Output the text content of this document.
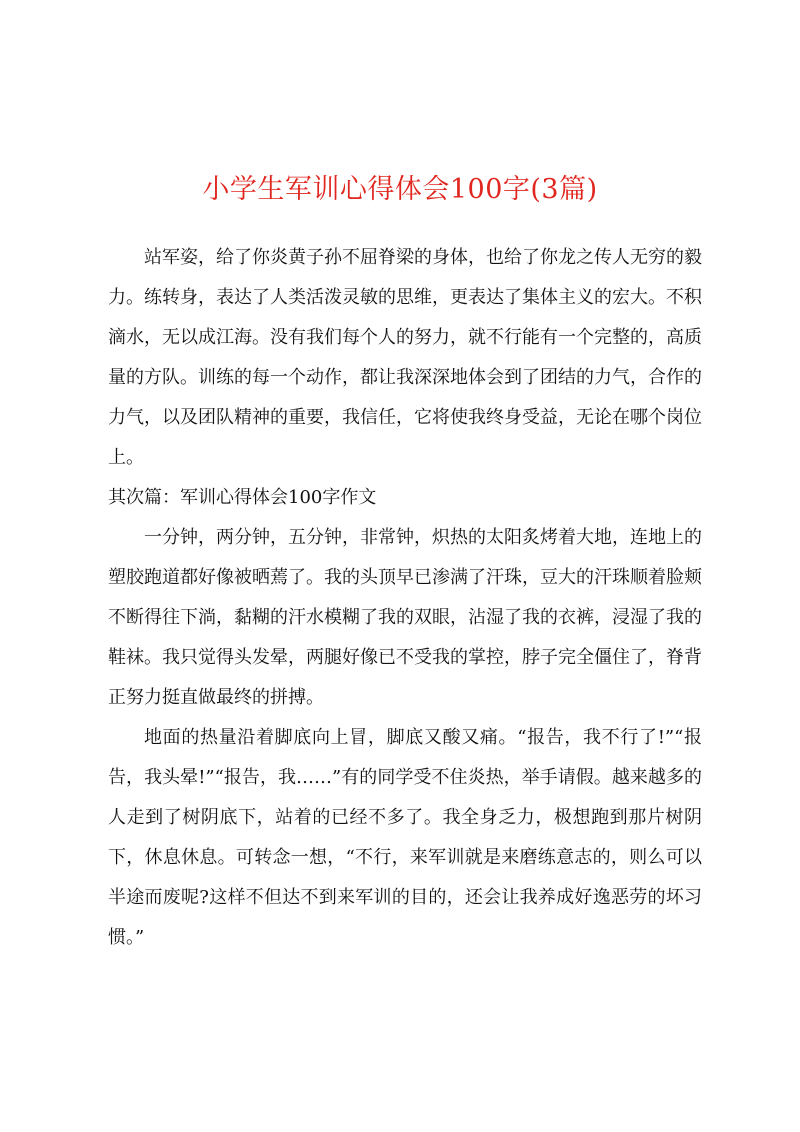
小学生军训心得体会100字(3篇)

站军姿，给了你炎黄子孙不屈脊梁的身体，也给了你龙之传人无穷的毅力。练转身，表达了人类活泼灵敏的思维，更表达了集体主义的宏大。不积滴水，无以成江海。没有我们每个人的努力，就不行能有一个完整的，高质量的方队。训练的每一个动作，都让我深深地体会到了团结的力气，合作的力气，以及团队精神的重要，我信任，它将使我终身受益，无论在哪个岗位上。

其次篇：军训心得体会100字作文

一分钟，两分钟，五分钟，非常钟，炽热的太阳炙烤着大地，连地上的塑胶跑道都好像被晒蔫了。我的头顶早已渗满了汗珠，豆大的汗珠顺着脸颊不断得往下淌，黏糊的汗水模糊了我的双眼，沾湿了我的衣裤，浸湿了我的鞋袜。我只觉得头发晕，两腿好像已不受我的掌控，脖子完全僵住了，脊背正努力挺直做最终的拼搏。

地面的热量沿着脚底向上冒，脚底又酸又痛。“报告，我不行了!”“报告，我头晕!”“报告，我……”有的同学受不住炎热，举手请假。越来越多的人走到了树阴底下，站着的已经不多了。我全身乏力，极想跑到那片树阴下，休息休息。可转念一想，“不行，来军训就是来磨练意志的，则么可以半途而废呢?这样不但达不到来军训的目的，还会让我养成好逸恶劳的坏习惯。”
